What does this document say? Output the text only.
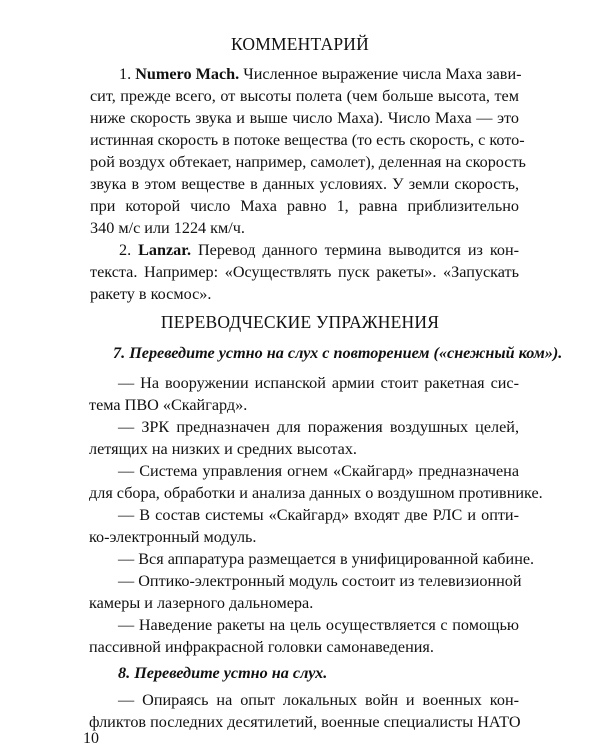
КОММЕНТАРИЙ
1. Numero Mach. Численное выражение числа Маха зави-
сит, прежде всего, от высоты полета (чем больше высота, тем
ниже скорость звука и выше число Маха). Число Маха — это
истинная скорость в потоке вещества (то есть скорость, с кото-
рой воздух обтекает, например, самолет), деленная на скорость
звука в этом веществе в данных условиях. У земли скорость,
при которой число Маха равно 1, равна приблизительно
340 м/с или 1224 км/ч.
2. Lanzar. Перевод данного термина выводится из кон-
текста. Например: «Осуществлять пуск ракеты». «Запускать
ракету в космос».
ПЕРЕВОДЧЕСКИЕ УПРАЖНЕНИЯ
7. Переведите устно на слух с повторением («снежный ком»).
— На вооружении испанской армии стоит ракетная сис-
тема ПВО «Скайгард».
— ЗРК предназначен для поражения воздушных целей,
летящих на низких и средних высотах.
— Система управления огнем «Скайгард» предназначена
для сбора, обработки и анализа данных о воздушном противнике.
— В состав системы «Скайгард» входят две РЛС и опти-
ко-электронный модуль.
— Вся аппаратура размещается в унифицированной кабине.
— Оптико-электронный модуль состоит из телевизионной
камеры и лазерного дальномера.
— Наведение ракеты на цель осуществляется с помощью
пассивной инфракрасной головки самонаведения.
8. Переведите устно на слух.
— Опираясь на опыт локальных войн и военных кон-
фликтов последних десятилетий, военные специалисты НАТО
10
